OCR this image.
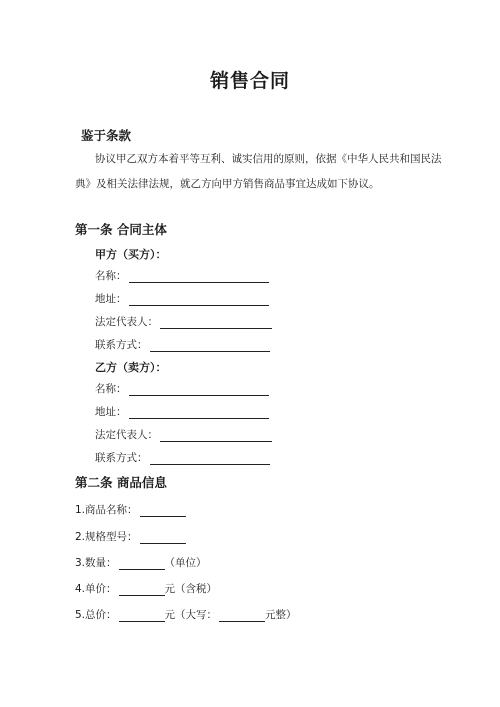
销售合同
鉴于条款
协议甲乙双方本着平等互利、诚实信用的原则，依据《中华人民共和国民法
典》及相关法律法规，就乙方向甲方销售商品事宜达成如下协议。
第一条 合同主体
甲方（买方）：
名称：
地址：
法定代表人：
联系方式：
乙方（卖方）：
名称：
地址：
法定代表人：
联系方式：
第二条 商品信息
1.商品名称：
2.规格型号：
3.数量：	（单位）
4.单价：	元（含税）
5.总价：	元（大写：	元整）
